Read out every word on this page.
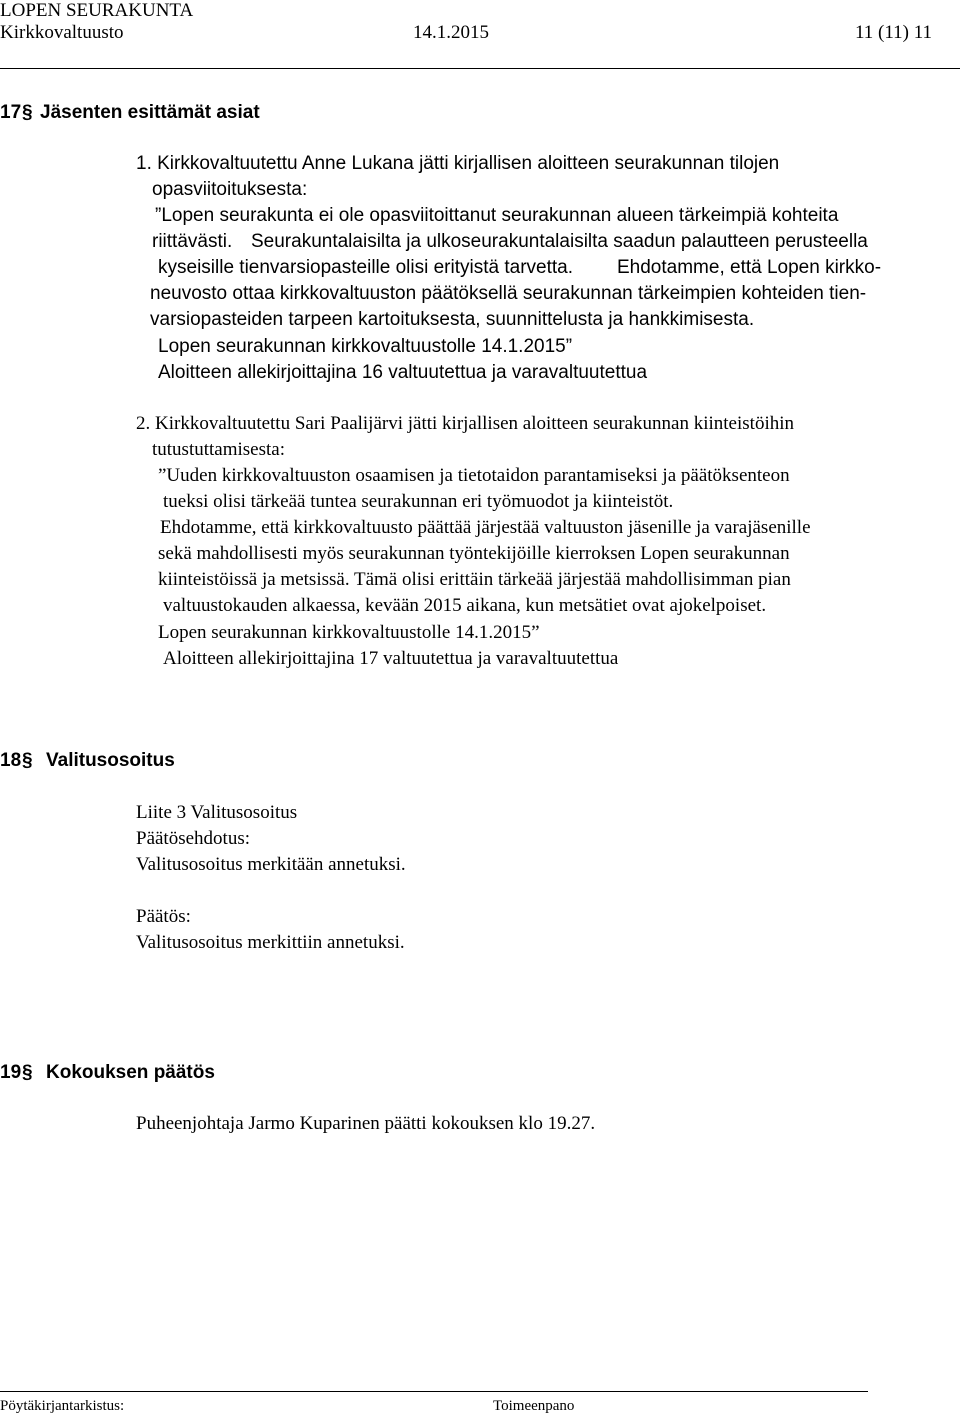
LOPEN SEURAKUNTA
Kirkkovaltuusto	14.1.2015	11 (11) 11
17 § Jäsenten esittämät asiat
1. Kirkkovaltuutettu Anne Lukana jätti kirjallisen aloitteen seurakunnan tilojen
opasviitoituksesta:
”Lopen seurakunta ei ole opasviitoittanut seurakunnan alueen tärkeimpiä kohteita
riittävästi. Seurakuntalaisilta ja ulkoseurakuntalaisilta saadun palautteen perusteella
kyseisille tienvarsiopasteille olisi erityistä tarvetta. Ehdotamme, että Lopen kirkko-
neuvosto ottaa kirkkovaltuuston päätöksellä seurakunnan tärkeimpien kohteiden tien-
varsiopasteiden tarpeen kartoituksesta, suunnittelusta ja hankkimisesta.
Lopen seurakunnan kirkkovaltuustolle 14.1.2015”
Aloitteen allekirjoittajina 16 valtuutettua ja varavaltuutettua
2. Kirkkovaltuutettu Sari Paalijärvi jätti kirjallisen aloitteen seurakunnan kiinteistöihin
tutustuttamisesta:
”Uuden kirkkovaltuuston osaamisen ja tietotaidon parantamiseksi ja päätöksenteon
tueksi olisi tärkeää tuntea seurakunnan eri työmuodot ja kiinteistöt.
Ehdotamme, että kirkkovaltuusto päättää järjestää valtuuston jäsenille ja varajäsenille
sekä mahdollisesti myös seurakunnan työntekijöille kierroksen Lopen seurakunnan
kiinteistöissä ja metsissä. Tämä olisi erittäin tärkeää järjestää mahdollisimman pian
valtuustokauden alkaessa, kevään 2015 aikana, kun metsätiet ovat ajokelpoiset.
Lopen seurakunnan kirkkovaltuustolle 14.1.2015”
Aloitteen allekirjoittajina 17 valtuutettua ja varavaltuutettua
18 § Valitusosoitus
Liite 3 Valitusosoitus
Päätösehdotus:
Valitusosoitus merkitään annetuksi.
Päätös:
Valitusosoitus merkittiin annetuksi.
19 § Kokouksen päätös
Puheenjohtaja Jarmo Kuparinen päätti kokouksen klo 19.27.
Pöytäkirjantarkistus:	Toimeenpano
